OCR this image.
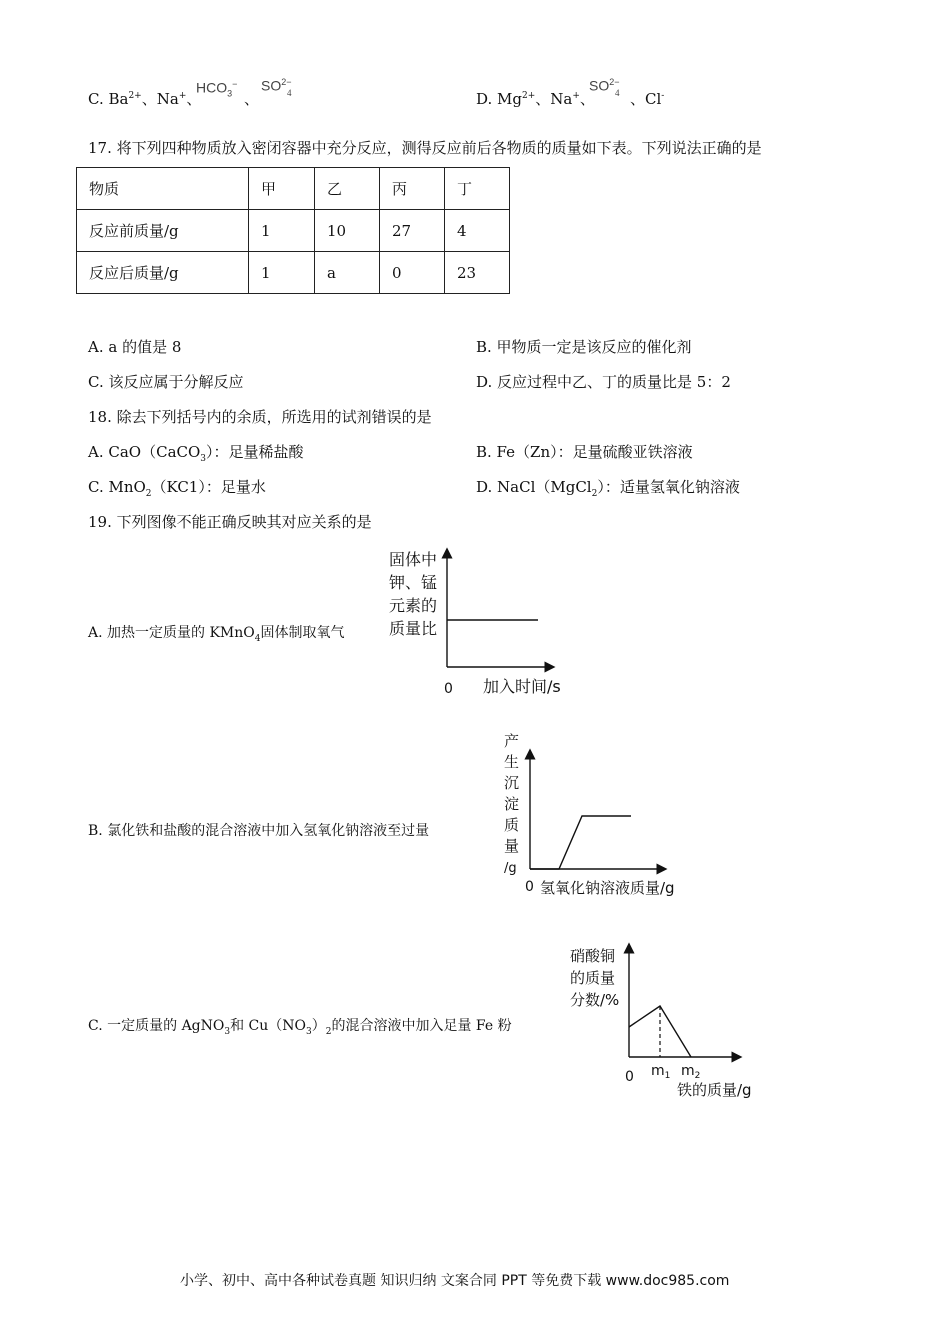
C. $Ba^{2+}$、Na+、
$HCO_3^-$
、
$SO^{2-}$
4	D. $Mg^{2+}$、Na+、
$SO^{2-}$
4 、Cl-
17. 将下列四种物质放入密闭容器中充分反应，测得反应前后各物质的质量如下表。下列说法正确的是
物质	甲	乙	丙	丁
反应前质量/g	1	10	27	4
反应后质量/g	1	a	0	23
A. a 的值是 8	B. 甲物质一定是该反应的催化剂
C. 该反应属于分解反应	D. 反应过程中乙、丁的质量比是 5：2
18. 除去下列括号内的余质，所选用的试剂错误的是
A. CaO（CaCO$_3$）：足量稀盐酸	B. Fe（Zn）：足量硫酸亚铁溶液
C. MnO$_2$（KC1）：足量水	D. NaCl（MgCl$_2$）：适量氢氧化钠溶液
19. 下列图像不能正确反映其对应关系的是
A. 加热一定质量的 KMnO$_4$固体制取氧气
固体中
钾、锰
元素的
质量比
0 加入时间/s
B. 氯化铁和盐酸的混合溶液中加入氢氧化钠溶液至过量
产
生
沉
淀
质
量
/g
0 氢氧化钠溶液质量/g
C. 一定质量的 AgNO$_3$和 $Cu(NO_3)_2$的混合溶液中加入足量 Fe 粉
硝酸铜
的质量
分数/%
0 $m_1$ $m_2$
铁的质量/g
小学、初中、高中各种试卷真题 知识归纳 文案合同 PPT 等免费下载 www.doc985.com
